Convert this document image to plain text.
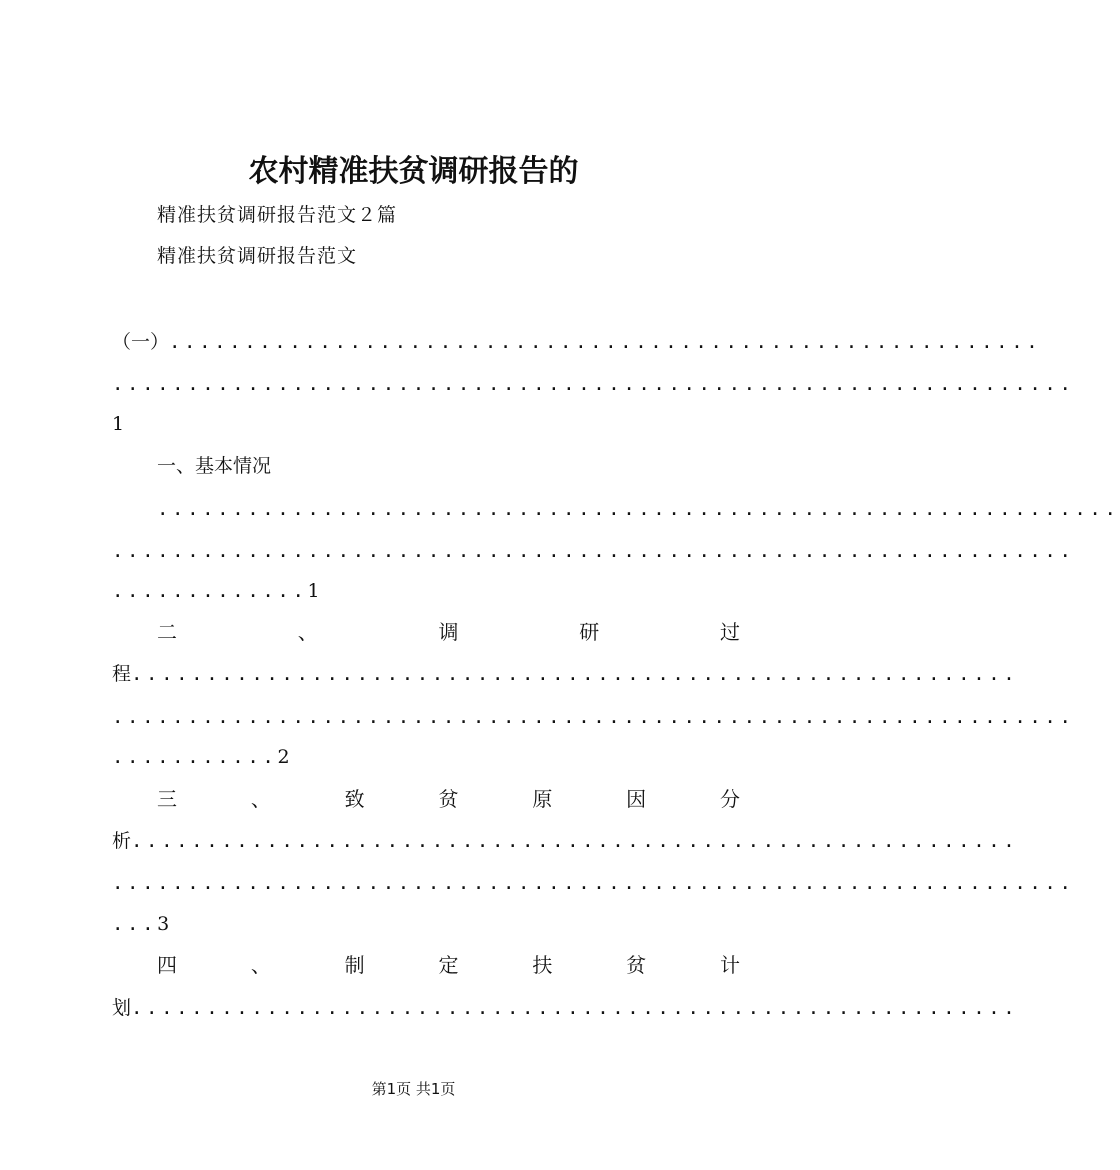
农村精准扶贫调研报告的
精准扶贫调研报告范文２篇
精准扶贫调研报告范文
（一）..........................................................
................................................................
1
一、基本情况
................................................................
................................................................
.............1
二	、	调	研	过
程...........................................................
................................................................
...........2
三	、	致	贫	原	因	分
析...........................................................
................................................................
...3
四	、	制	定	扶	贫	计
划...........................................................
第1页 共1页
